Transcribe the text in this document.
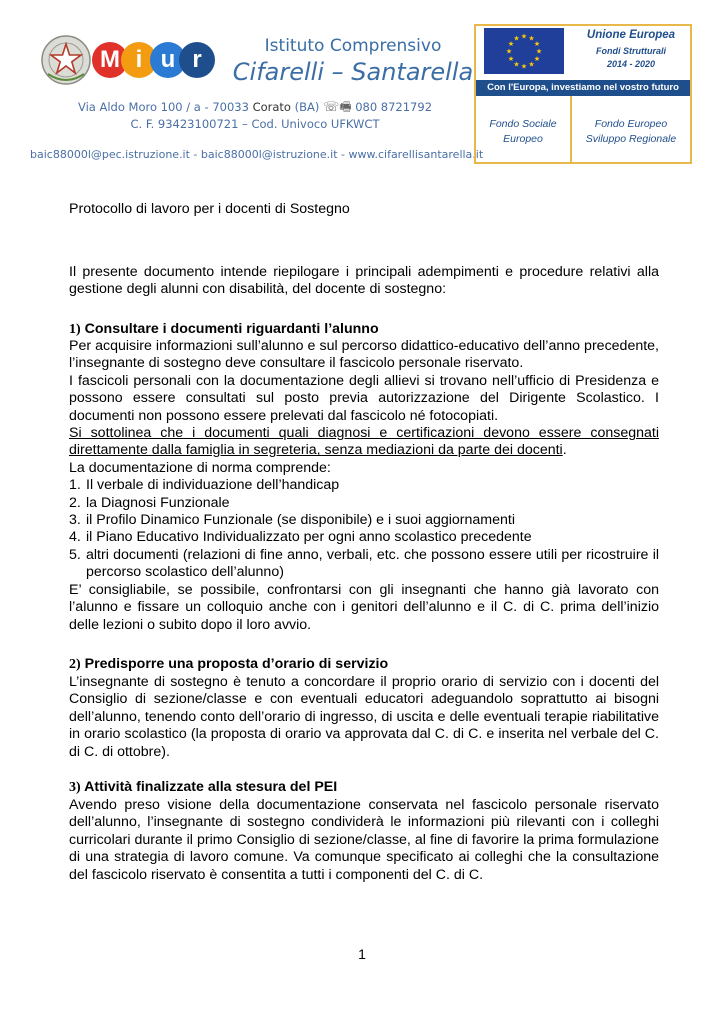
M i u r	Istituto Comprensivo
Cifarelli – Santarella
Via Aldo Moro 100 / a - 70033 Corato (BA) ☏🖷 080 8721792
C. F. 93423100721 – Cod. Univoco UFKWCT
baic88000l@pec.istruzione.it - baic88000l@istruzione.it - www.cifarellisantarella.it
★ ★
★
★
★
★
★
★
★
★
★
★	Unione Europea
Fondi Strutturali
2014 - 2020
Con l'Europa, investiamo nel vostro futuro
Fondo Sociale
Europeo
Fondo Europeo
Sviluppo Regionale
Protocollo di lavoro per i docenti di Sostegno
Il presente documento intende riepilogare i principali adempimenti e procedure relativi alla gestione degli alunni con disabilità, del docente di sostegno:
1) Consultare i documenti riguardanti l’alunno

Per acquisire informazioni sull’alunno e sul percorso didattico-educativo dell’anno precedente, l’insegnante di sostegno deve consultare il fascicolo personale riservato.

I fascicoli personali con la documentazione degli allievi si trovano nell’ufficio di Presidenza e possono essere consultati sul posto previa autorizzazione del Dirigente Scolastico. I documenti non possono essere prelevati dal fascicolo né fotocopiati.

Si sottolinea che i documenti quali diagnosi e certificazioni devono essere consegnati direttamente dalla famiglia in segreteria, senza mediazioni da parte dei docenti.

La documentazione di norma comprende:

1. Il verbale di individuazione dell’handicap
2. la Diagnosi Funzionale
3. il Profilo Dinamico Funzionale (se disponibile) e i suoi aggiornamenti
4. il Piano Educativo Individualizzato per ogni anno scolastico precedente
5. altri documenti (relazioni di fine anno, verbali, etc. che possono essere utili per ricostruire il percorso scolastico dell’alunno)

E’ consigliabile, se possibile, confrontarsi con gli insegnanti che hanno già lavorato con l’alunno e fissare un colloquio anche con i genitori dell’alunno e il C. di C. prima dell’inizio delle lezioni o subito dopo il loro avvio.

2) Predisporre una proposta d’orario di servizio

L’insegnante di sostegno è tenuto a concordare il proprio orario di servizio con i docenti del Consiglio di sezione/classe e con eventuali educatori adeguandolo soprattutto ai bisogni dell’alunno, tenendo conto dell’orario di ingresso, di uscita e delle eventuali terapie riabilitative in orario scolastico (la proposta di orario va approvata dal C. di C. e inserita nel verbale del C. di C. di ottobre).

3) Attività finalizzate alla stesura del PEI

Avendo preso visione della documentazione conservata nel fascicolo personale riservato dell’alunno, l’insegnante di sostegno condividerà le informazioni più rilevanti con i colleghi curricolari durante il primo Consiglio di sezione/classe, al fine di favorire la prima formulazione di una strategia di lavoro comune. Va comunque specificato ai colleghi che la consultazione del fascicolo riservato è consentita a tutti i componenti del C. di C.

1
